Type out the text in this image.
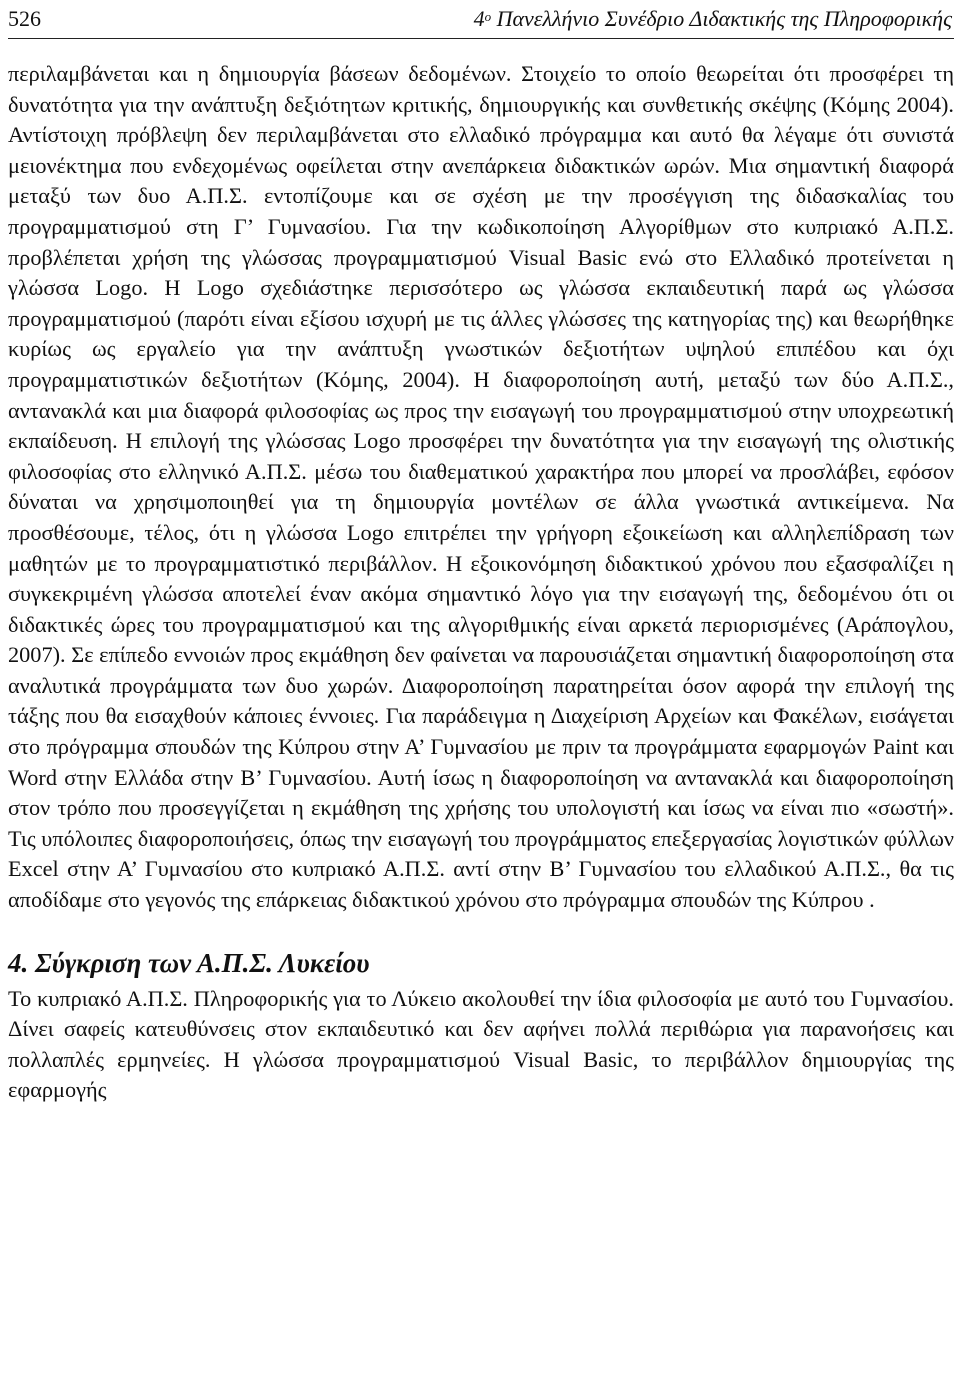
526	$4^o$ Πανελλήνιο Συνέδριο Διδακτικής της Πληροφορικής

περιλαμβάνεται και η δημιουργία βάσεων δεδομένων. Στοιχείο το οποίο θεωρείται ότι προσφέρει τη δυνατότητα για την ανάπτυξη δεξιότητων κριτικής, δημιουργικής και συνθετικής σκέψης (Κόμης 2004). Αντίστοιχη πρόβλεψη δεν περιλαμβάνεται στο ελλαδικό πρόγραμμα και αυτό θα λέγαμε ότι συνιστά μειονέκτημα που ενδεχομένως οφείλεται στην ανεπάρκεια διδακτικών ωρών. Μια σημαντική διαφορά μεταξύ των δυο Α.Π.Σ. εντοπίζουμε και σε σχέση με την προσέγγιση της διδασκαλίας του προγραμματισμού στη Γ’ Γυμνασίου. Για την κωδικοποίηση Αλγορίθμων στο κυπριακό Α.Π.Σ. προβλέπεται χρήση της γλώσσας προγραμματισμού Visual Basic ενώ στο Ελλαδικό προτείνεται η γλώσσα Logo. Η Logo σχεδιάστηκε περισσότερο ως γλώσσα εκπαιδευτική παρά ως γλώσσα προγραμματισμού (παρότι είναι εξίσου ισχυρή με τις άλλες γλώσσες της κατηγορίας της) και θεωρήθηκε κυρίως ως εργαλείο για την ανάπτυξη γνωστικών δεξιοτήτων υψηλού επιπέδου και όχι προγραμματιστικών δεξιοτήτων (Κόμης, 2004). Η διαφοροποίηση αυτή, μεταξύ των δύο Α.Π.Σ., αντανακλά και μια διαφορά φιλοσοφίας ως προς την εισαγωγή του προγραμματισμού στην υποχρεωτική εκπαίδευση. Η επιλογή της γλώσσας Logo προσφέρει την δυνατότητα για την εισαγωγή της ολιστικής φιλοσοφίας στο ελληνικό Α.Π.Σ. μέσω του διαθεματικού χαρακτήρα που μπορεί να προσλάβει, εφόσον δύναται να χρησιμοποιηθεί για τη δημιουργία μοντέλων σε άλλα γνωστικά αντικείμενα. Να προσθέσουμε, τέλος, ότι η γλώσσα Logo επιτρέπει την γρήγορη εξοικείωση και αλληλεπίδραση των μαθητών με το προγραμματιστικό περιβάλλον. Η εξοικονόμηση διδακτικού χρόνου που εξασφαλίζει η συγκεκριμένη γλώσσα αποτελεί έναν ακόμα σημαντικό λόγο για την εισαγωγή της, δεδομένου ότι οι διδακτικές ώρες του προγραμματισμού και της αλγοριθμικής είναι αρκετά περιορισμένες (Αράπογλου, 2007). Σε επίπεδο εννοιών προς εκμάθηση δεν φαίνεται να παρουσιάζεται σημαντική διαφοροποίηση στα αναλυτικά προγράμματα των δυο χωρών. Διαφοροποίηση παρατηρείται όσον αφορά την επιλογή της τάξης που θα εισαχθούν κάποιες έννοιες. Για παράδειγμα η Διαχείριση Αρχείων και Φακέλων, εισάγεται στο πρόγραμμα σπουδών της Κύπρου στην Α’ Γυμνασίου με πριν τα προγράμματα εφαρμογών Paint και Word στην Ελλάδα στην Β’ Γυμνασίου. Αυτή ίσως η διαφοροποίηση να αντανακλά και διαφοροποίηση στον τρόπο που προσεγγίζεται η εκμάθηση της χρήσης του υπολογιστή και ίσως να είναι πιο «σωστή». Τις υπόλοιπες διαφοροποιήσεις, όπως την εισαγωγή του προγράμματος επεξεργασίας λογιστικών φύλλων Excel στην Α’ Γυμνασίου στο κυπριακό Α.Π.Σ. αντί στην Β’ Γυμνασίου του ελλαδικού Α.Π.Σ., θα τις αποδίδαμε στο γεγονός της επάρκειας διδακτικού χρόνου στο πρόγραμμα σπουδών της Κύπρου .

4. Σύγκριση των Α.Π.Σ. Λυκείου

Το κυπριακό Α.Π.Σ. Πληροφορικής για το Λύκειο ακολουθεί την ίδια φιλοσοφία με αυτό του Γυμνασίου. Δίνει σαφείς κατευθύνσεις στον εκπαιδευτικό και δεν αφήνει πολλά περιθώρια για παρανοήσεις και πολλαπλές ερμηνείες. Η γλώσσα προγραμματισμού Visual Basic, το περιβάλλον δημιουργίας της εφαρμογής
